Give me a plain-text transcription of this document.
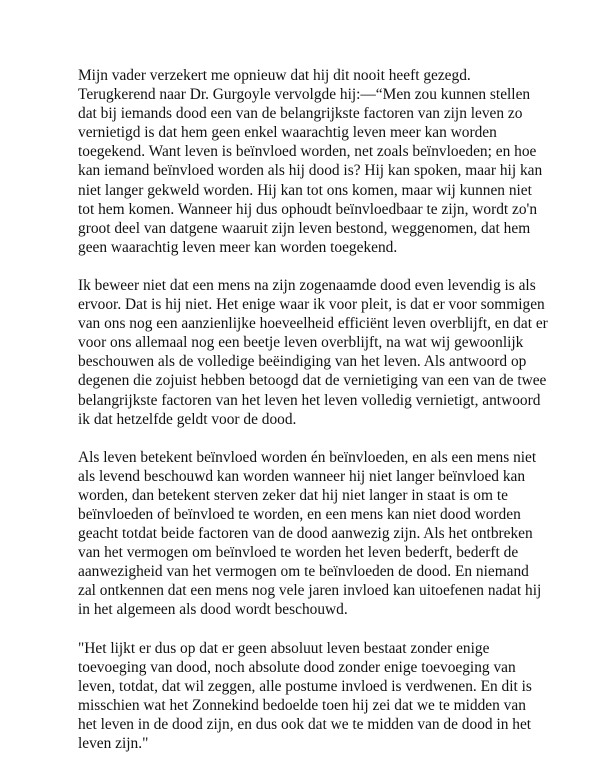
Mijn vader verzekert me opnieuw dat hij dit nooit heeft gezegd.
Terugkerend naar Dr. Gurgoyle vervolgde hij:—“Men zou kunnen stellen
dat bij iemands dood een van de belangrijkste factoren van zijn leven zo
vernietigd is dat hem geen enkel waarachtig leven meer kan worden
toegekend. Want leven is beïnvloed worden, net zoals beïnvloeden; en hoe
kan iemand beïnvloed worden als hij dood is? Hij kan spoken, maar hij kan
niet langer gekweld worden. Hij kan tot ons komen, maar wij kunnen niet
tot hem komen. Wanneer hij dus ophoudt beïnvloedbaar te zijn, wordt zo'n
groot deel van datgene waaruit zijn leven bestond, weggenomen, dat hem
geen waarachtig leven meer kan worden toegekend.

Ik beweer niet dat een mens na zijn zogenaamde dood even levendig is als
ervoor. Dat is hij niet. Het enige waar ik voor pleit, is dat er voor sommigen
van ons nog een aanzienlijke hoeveelheid efficiënt leven overblijft, en dat er
voor ons allemaal nog een beetje leven overblijft, na wat wij gewoonlijk
beschouwen als de volledige beëindiging van het leven. Als antwoord op
degenen die zojuist hebben betoogd dat de vernietiging van een van de twee
belangrijkste factoren van het leven het leven volledig vernietigt, antwoord
ik dat hetzelfde geldt voor de dood.

Als leven betekent beïnvloed worden én beïnvloeden, en als een mens niet
als levend beschouwd kan worden wanneer hij niet langer beïnvloed kan
worden, dan betekent sterven zeker dat hij niet langer in staat is om te
beïnvloeden of beïnvloed te worden, en een mens kan niet dood worden
geacht totdat beide factoren van de dood aanwezig zijn. Als het ontbreken
van het vermogen om beïnvloed te worden het leven bederft, bederft de
aanwezigheid van het vermogen om te beïnvloeden de dood. En niemand
zal ontkennen dat een mens nog vele jaren invloed kan uitoefenen nadat hij
in het algemeen als dood wordt beschouwd.

"Het lijkt er dus op dat er geen absoluut leven bestaat zonder enige
toevoeging van dood, noch absolute dood zonder enige toevoeging van
leven, totdat, dat wil zeggen, alle postume invloed is verdwenen. En dit is
misschien wat het Zonnekind bedoelde toen hij zei dat we te midden van
het leven in de dood zijn, en dus ook dat we te midden van de dood in het
leven zijn."
